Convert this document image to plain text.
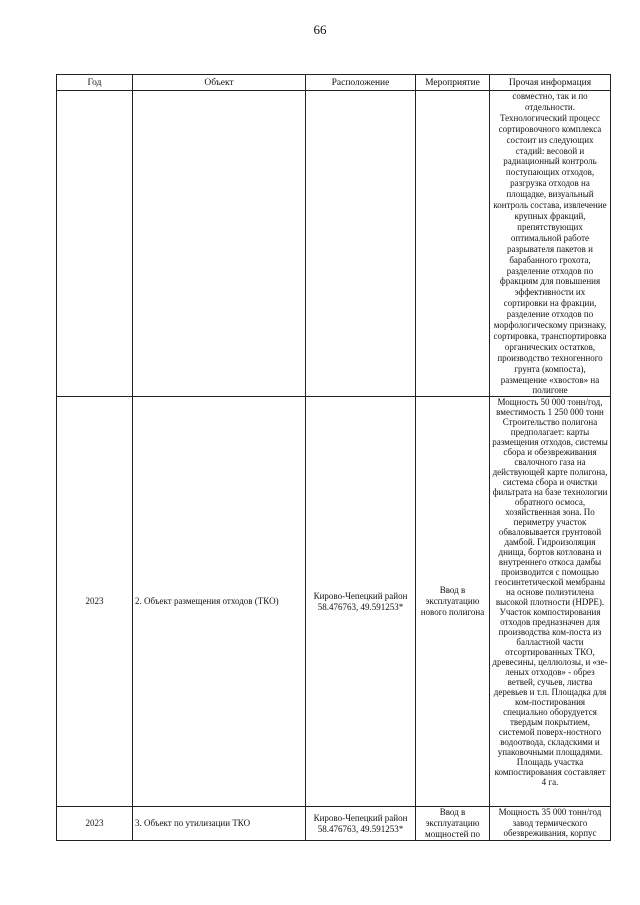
66
Год	Объект	Расположение	Мероприятие	Прочая информация
				совместно, так и по отдельности. Технологический процесс сортировочного комплекса состоит из следующих стадий: весовой и радиационный контроль поступающих отходов, разгрузка отходов на площадке, визуальный контроль состава, извлечение крупных фракций, препятствующих оптимальной работе разрывателя пакетов и барабанного грохота, разделение отходов по фракциям для повышения эффективности их сортировки на фракции, разделение отходов по морфологическому признаку, сортировка, транспортировка органических остатков, производство техногенного грунта (компоста), размещение «хвостов» на полигоне
2023	2. Объект размещения отходов (ТКО)	Кирово-Чепецкий район 58.476763, 49.591253*	Ввод в эксплуатацию нового полигона	Мощность 50 000 тонн/год, вместимость 1 250 000 тонн Строительство полигона предполагает: карты размещения отходов, системы сбора и обезвреживания свалочного газа на действующей карте полигона, система сбора и очистки фильтрата на базе технологии обратного осмоса, хозяйственная зона. По периметру участок обваловывается грунтовой дамбой. Гидроизоляция днища, бортов котлована и внутреннего откоса дамбы производится с помощью геосинтетической мембраны на основе полиэтилена высокой плотности (HDPE). Участок компостирования отходов предназначен для производства ком-поста из балластной части отсортированных ТКО, древесины, целлюлозы, и «зе-леных отходов» - обрез ветвей, сучьев, листва деревьев и т.п. Площадка для ком-постирования специально оборудуется твердым покрытием, системой поверх-ностного водоотвода, складскими и упаковочными площадями. Площадь участка компостирования составляет 4 га.
2023	3. Объект по утилизации ТКО	Кирово-Чепецкий район 58.476763, 49.591253*	Ввод в эксплуатацию мощностей по	Мощность 35 000 тонн/год завод термического обезвреживания, корпус
